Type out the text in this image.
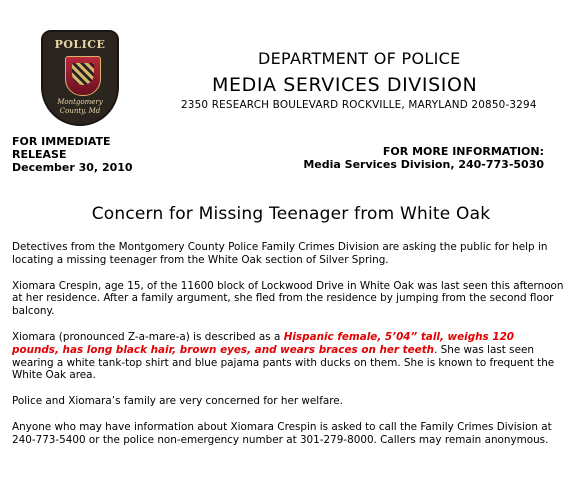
POLICE
Montgomery
County, Md
DEPARTMENT OF POLICE
MEDIA SERVICES DIVISION
2350 RESEARCH BOULEVARD ROCKVILLE, MARYLAND 20850-3294
FOR IMMEDIATE
RELEASE
December 30, 2010
FOR MORE INFORMATION:
Media Services Division, 240-773-5030
Concern for Missing Teenager from White Oak

Detectives from the Montgomery County Police Family Crimes Division are asking the public for help in locating a missing teenager from the White Oak section of Silver Spring.

Xiomara Crespin, age 15, of the 11600 block of Lockwood Drive in White Oak was last seen this afternoon at her residence. After a family argument, she fled from the residence by jumping from the second floor balcony.

Xiomara (pronounced Z-a-mare-a) is described as a Hispanic female, 5’04” tall, weighs 120 pounds, has long black hair, brown eyes, and wears braces on her teeth. She was last seen wearing a white tank-top shirt and blue pajama pants with ducks on them. She is known to frequent the White Oak area.

Police and Xiomara’s family are very concerned for her welfare.

Anyone who may have information about Xiomara Crespin is asked to call the Family Crimes Division at 240-773-5400 or the police non-emergency number at 301-279-8000. Callers may remain anonymous.
